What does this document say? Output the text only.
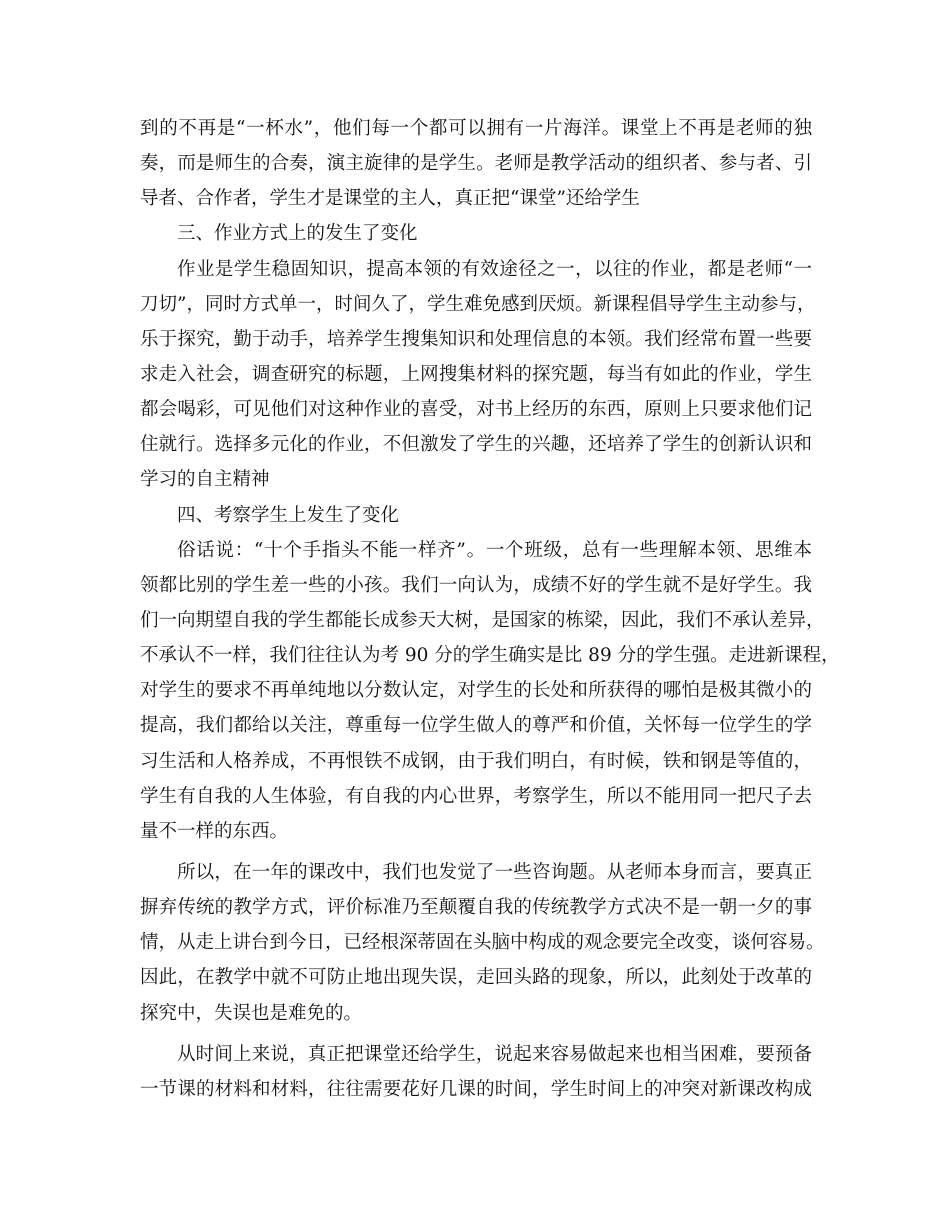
到的不再是“一杯水”，他们每一个都可以拥有一片海洋。课堂上不再是老师的独
奏，而是师生的合奏，演主旋律的是学生。老师是教学活动的组织者、参与者、引
导者、合作者，学生才是课堂的主人，真正把“课堂”还给学生
三、作业方式上的发生了变化
作业是学生稳固知识，提高本领的有效途径之一，以往的作业，都是老师“一
刀切”，同时方式单一，时间久了，学生难免感到厌烦。新课程倡导学生主动参与，
乐于探究，勤于动手，培养学生搜集知识和处理信息的本领。我们经常布置一些要
求走入社会，调查研究的标题，上网搜集材料的探究题，每当有如此的作业，学生
都会喝彩，可见他们对这种作业的喜受，对书上经历的东西，原则上只要求他们记
住就行。选择多元化的作业，不但激发了学生的兴趣，还培养了学生的创新认识和
学习的自主精神
四、考察学生上发生了变化
俗话说：“十个手指头不能一样齐”。一个班级，总有一些理解本领、思维本
领都比别的学生差一些的小孩。我们一向认为，成绩不好的学生就不是好学生。我
们一向期望自我的学生都能长成参天大树，是国家的栋梁，因此，我们不承认差异，
不承认不一样，我们往往认为考 90 分的学生确实是比 89 分的学生强。走进新课程，
对学生的要求不再单纯地以分数认定，对学生的长处和所获得的哪怕是极其微小的
提高，我们都给以关注，尊重每一位学生做人的尊严和价值，关怀每一位学生的学
习生活和人格养成，不再恨铁不成钢，由于我们明白，有时候，铁和钢是等值的，
学生有自我的人生体验，有自我的内心世界，考察学生，所以不能用同一把尺子去
量不一样的东西。
所以，在一年的课改中，我们也发觉了一些咨询题。从老师本身而言，要真正
摒弃传统的教学方式，评价标准乃至颠覆自我的传统教学方式决不是一朝一夕的事
情，从走上讲台到今日，已经根深蒂固在头脑中构成的观念要完全改变，谈何容易。
因此，在教学中就不可防止地出现失误，走回头路的现象，所以，此刻处于改革的
探究中，失误也是难免的。
从时间上来说，真正把课堂还给学生，说起来容易做起来也相当困难，要预备
一节课的材料和材料，往往需要花好几课的时间，学生时间上的冲突对新课改构成
